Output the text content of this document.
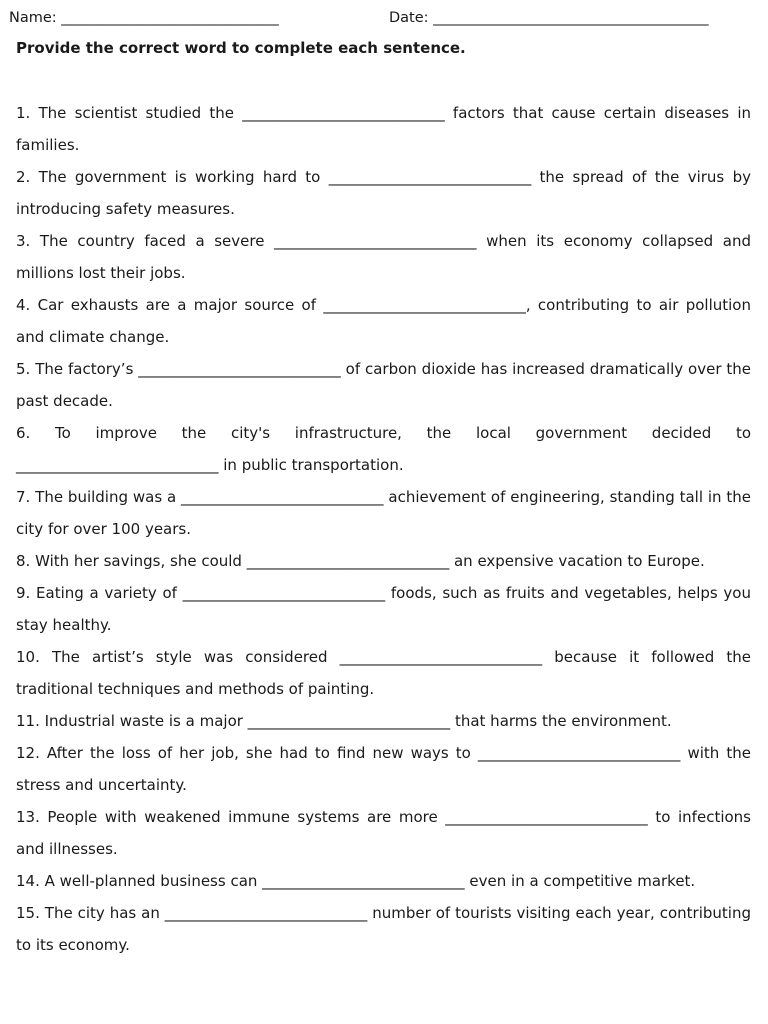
Name: ______________________________	Date: ______________________________________
Provide the correct word to complete each sentence.

1. The scientist studied the ___________________________ factors that cause certain diseases in families.

2. The government is working hard to ___________________________ the spread of the virus by introducing safety measures.

3. The country faced a severe ___________________________ when its economy collapsed and millions lost their jobs.

4. Car exhausts are a major source of ___________________________, contributing to air pollution and climate change.

5. The factory’s ___________________________ of carbon dioxide has increased dramatically over the past decade.

6. To improve the city's infrastructure, the local government decided to ___________________________ in public transportation.

7. The building was a ___________________________ achievement of engineering, standing tall in the city for over 100 years.

8. With her savings, she could ___________________________ an expensive vacation to Europe.

9. Eating a variety of ___________________________ foods, such as fruits and vegetables, helps you stay healthy.

10. The artist’s style was considered ___________________________ because it followed the traditional techniques and methods of painting.

11. Industrial waste is a major ___________________________ that harms the environment.

12. After the loss of her job, she had to find new ways to ___________________________ with the stress and uncertainty.

13. People with weakened immune systems are more ___________________________ to infections and illnesses.

14. A well-planned business can ___________________________ even in a competitive market.

15. The city has an ___________________________ number of tourists visiting each year, contributing to its economy.
